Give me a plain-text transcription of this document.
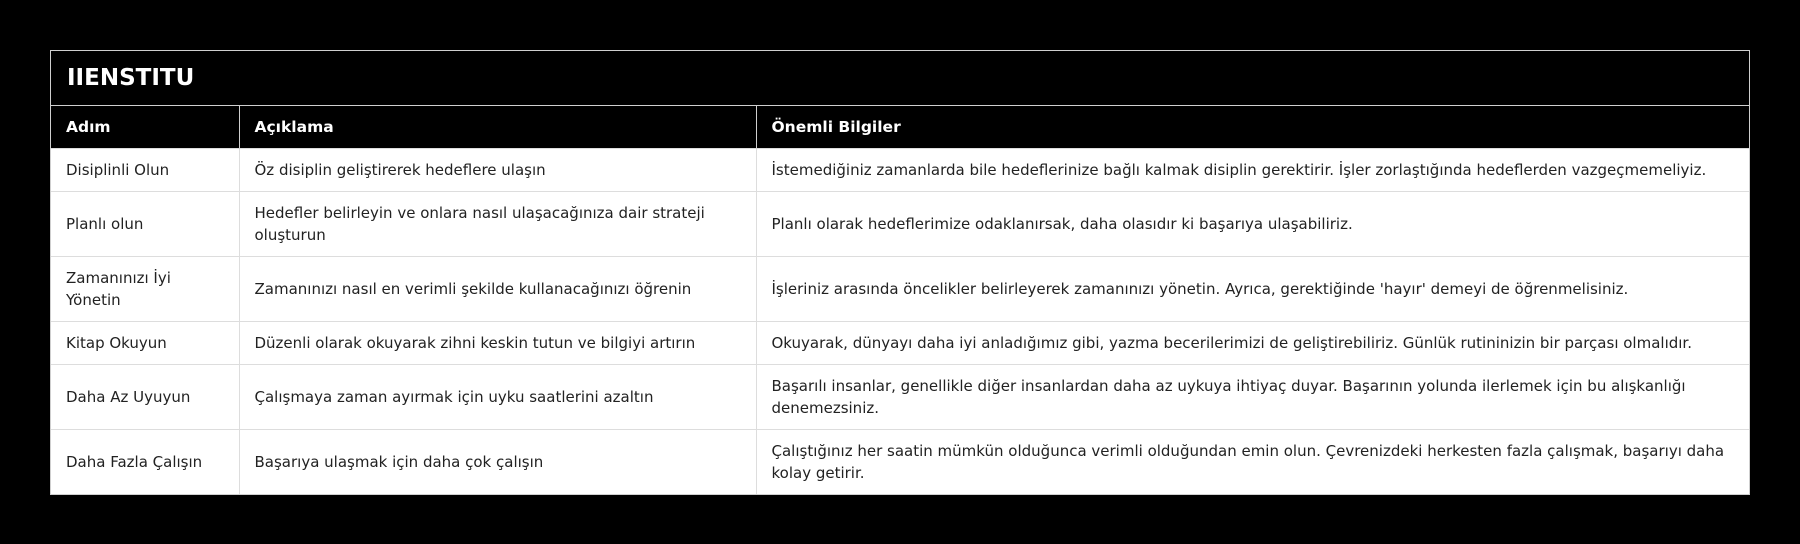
IIENSTITU
Adım	Açıklama	Önemli Bilgiler
Disiplinli Olun	Öz disiplin geliştirerek hedeflere ulaşın	İstemediğiniz zamanlarda bile hedeflerinize bağlı kalmak disiplin gerektirir. İşler zorlaştığında hedeflerden vazgeçmemeliyiz.
Planlı olun	Hedefler belirleyin ve onlara nasıl ulaşacağınıza dair strateji oluşturun	Planlı olarak hedeflerimize odaklanırsak, daha olasıdır ki başarıya ulaşabiliriz.
Zamanınızı İyi Yönetin	Zamanınızı nasıl en verimli şekilde kullanacağınızı öğrenin	İşleriniz arasında öncelikler belirleyerek zamanınızı yönetin. Ayrıca, gerektiğinde 'hayır' demeyi de öğrenmelisiniz.
Kitap Okuyun	Düzenli olarak okuyarak zihni keskin tutun ve bilgiyi artırın	Okuyarak, dünyayı daha iyi anladığımız gibi, yazma becerilerimizi de geliştirebiliriz. Günlük rutininizin bir parçası olmalıdır.
Daha Az Uyuyun	Çalışmaya zaman ayırmak için uyku saatlerini azaltın	Başarılı insanlar, genellikle diğer insanlardan daha az uykuya ihtiyaç duyar. Başarının yolunda ilerlemek için bu alışkanlığı denemezsiniz.
Daha Fazla Çalışın	Başarıya ulaşmak için daha çok çalışın	Çalıştığınız her saatin mümkün olduğunca verimli olduğundan emin olun. Çevrenizdeki herkesten fazla çalışmak, başarıyı daha kolay getirir.
